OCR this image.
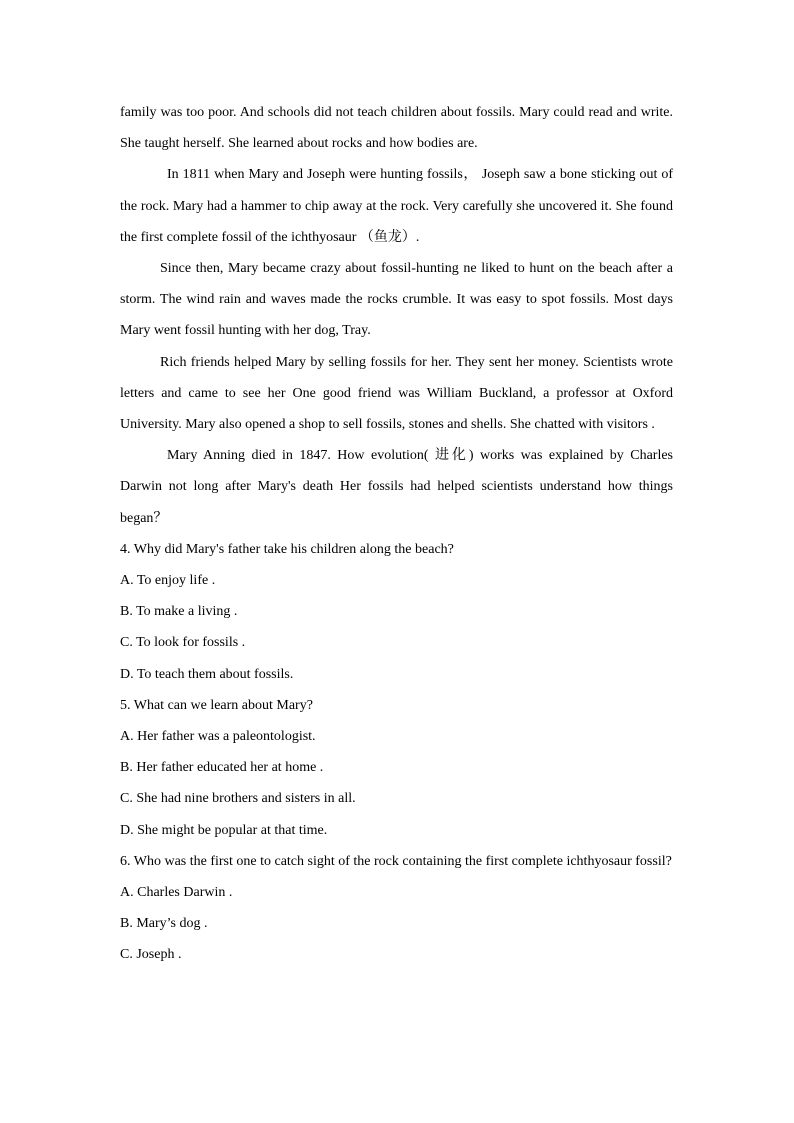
family was too poor. And schools did not teach children about fossils. Mary could read and write. She taught herself. She learned about rocks and how bodies are.

In 1811 when Mary and Joseph were hunting fossils， Joseph saw a bone sticking out of the rock. Mary had a hammer to chip away at the rock. Very carefully she uncovered it. She found the first complete fossil of the ichthyosaur （鱼龙）.

Since then, Mary became crazy about fossil-hunting ne liked to hunt on the beach after a storm. The wind rain and waves made the rocks crumble. It was easy to spot fossils. Most days Mary went fossil hunting with her dog, Tray.

Rich friends helped Mary by selling fossils for her. They sent her money. Scientists wrote letters and came to see her One good friend was William Buckland, a professor at Oxford University. Mary also opened a shop to sell fossils, stones and shells. She chatted with visitors .

Mary Anning died in 1847. How evolution( 进化) works was explained by Charles Darwin not long after Mary's death Her fossils had helped scientists understand how things began？

4. Why did Mary's father take his children along the beach?

A. To enjoy life .

B. To make a living .

C. To look for fossils .

D. To teach them about fossils.

5. What can we learn about Mary?

A. Her father was a paleontologist.

B. Her father educated her at home .

C. She had nine brothers and sisters in all.

D. She might be popular at that time.

6. Who was the first one to catch sight of the rock containing the first complete ichthyosaur fossil?

A. Charles Darwin .

B. Mary’s dog .

C. Joseph .
